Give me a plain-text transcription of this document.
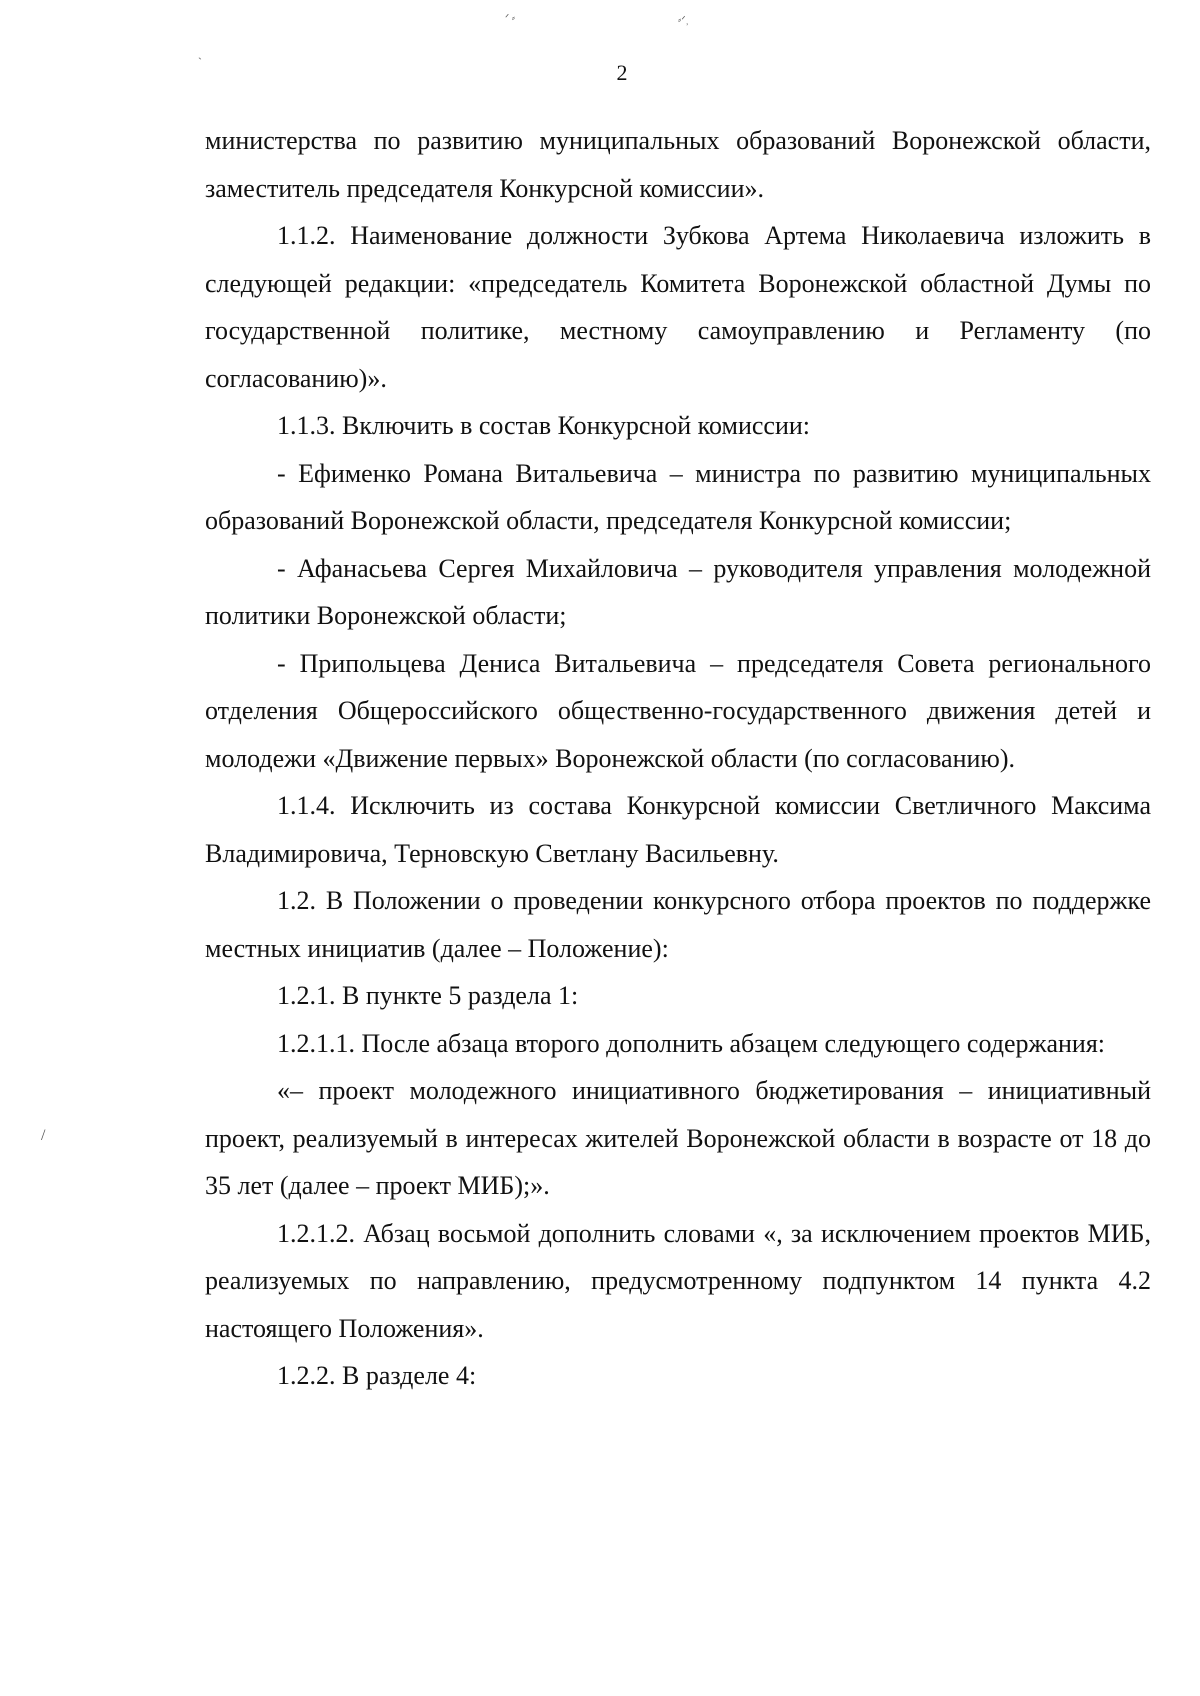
ᐟ ⸗	⸗ᐟ⸒
ˋ
/
2

министерства по развитию муниципальных образований Воронежской области, заместитель председателя Конкурсной комиссии».

1.1.2. Наименование должности Зубкова Артема Николаевича изложить в следующей редакции: «председатель Комитета Воронежской областной Думы по государственной политике, местному самоуправлению и Регламенту (по согласованию)».

1.1.3. Включить в состав Конкурсной комиссии:

- Ефименко Романа Витальевича – министра по развитию муниципальных образований Воронежской области, председателя Конкурсной комиссии;

- Афанасьева Сергея Михайловича – руководителя управления молодежной политики Воронежской области;

- Припольцева Дениса Витальевича – председателя Совета регионального отделения Общероссийского общественно-государственного движения детей и молодежи «Движение первых» Воронежской области (по согласованию).

1.1.4. Исключить из состава Конкурсной комиссии Светличного Максима Владимировича, Терновскую Светлану Васильевну.

1.2. В Положении о проведении конкурсного отбора проектов по поддержке местных инициатив (далее – Положение):

1.2.1. В пункте 5 раздела 1:

1.2.1.1. После абзаца второго дополнить абзацем следующего содержания:

«– проект молодежного инициативного бюджетирования – инициативный проект, реализуемый в интересах жителей Воронежской области в возрасте от 18 до 35 лет (далее – проект МИБ);».

1.2.1.2. Абзац восьмой дополнить словами «, за исключением проектов МИБ, реализуемых по направлению, предусмотренному подпунктом 14 пункта 4.2 настоящего Положения».

1.2.2. В разделе 4:
